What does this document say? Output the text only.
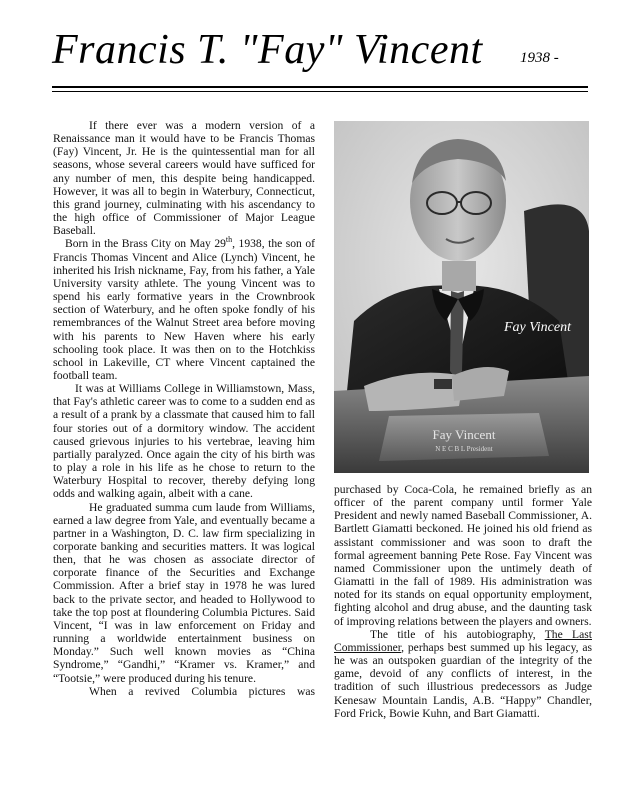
Francis T. "Fay" Vincent 1938 -

If there ever was a modern version of a Renaissance man it would have to be Francis Thomas (Fay) Vincent, Jr. He is the quintessential man for all seasons, whose several careers would have sufficed for any number of men, this despite being handicapped. However, it was all to begin in Waterbury, Connecticut, this grand journey, culminating with his ascendancy to the high office of Commissioner of Major League Baseball.

Born in the Brass City on May 29th, 1938, the son of Francis Thomas Vincent and Alice (Lynch) Vincent, he inherited his Irish nickname, Fay, from his father, a Yale University varsity athlete. The young Vincent was to spend his early formative years in the Crownbrook section of Waterbury, and he often spoke fondly of his remembrances of the Walnut Street area before moving with his parents to New Haven where his early schooling took place. It was then on to the Hotchkiss school in Lakeville, CT where Vincent captained the football team.

It was at Williams College in Williamstown, Mass, that Fay's athletic career was to come to a sudden end as a result of a prank by a classmate that caused him to fall four stories out of a dormitory window. The accident caused grievous injuries to his vertebrae, leaving him partially paralyzed. Once again the city of his birth was to play a role in his life as he chose to return to the Waterbury Hospital to recover, thereby defying long odds and walking again, albeit with a cane.

He graduated summa cum laude from Williams, earned a law degree from Yale, and eventually became a partner in a Washington, D. C. law firm specializing in corporate banking and securities matters. It was logical then, that he was chosen as associate director of corporate finance of the Securities and Exchange Commission. After a brief stay in 1978 he was lured back to the private sector, and headed to Hollywood to take the top post at floundering Columbia Pictures. Said Vincent, “I was in law enforcement on Friday and running a worldwide entertainment business on Monday.” Such well known movies as “China Syndrome,” “Gandhi,” “Kramer vs. Kramer,” and “Tootsie,” were produced during his tenure.

When a revived Columbia pictures was

Fay Vincent
N E C B L President
Fay Vincent

purchased by Coca-Cola, he remained briefly as an officer of the parent company until former Yale President and newly named Baseball Commissioner, A. Bartlett Giamatti beckoned. He joined his old friend as assistant commissioner and was soon to draft the formal agreement banning Pete Rose. Fay Vincent was named Commissioner upon the untimely death of Giamatti in the fall of 1989. His administration was noted for its stands on equal opportunity employment, fighting alcohol and drug abuse, and the daunting task of improving relations between the players and owners.

The title of his autobiography, The Last Commissioner, perhaps best summed up his legacy, as he was an outspoken guardian of the integrity of the game, devoid of any conflicts of interest, in the tradition of such illustrious predecessors as Judge Kenesaw Mountain Landis, A.B. “Happy” Chandler, Ford Frick, Bowie Kuhn, and Bart Giamatti.
